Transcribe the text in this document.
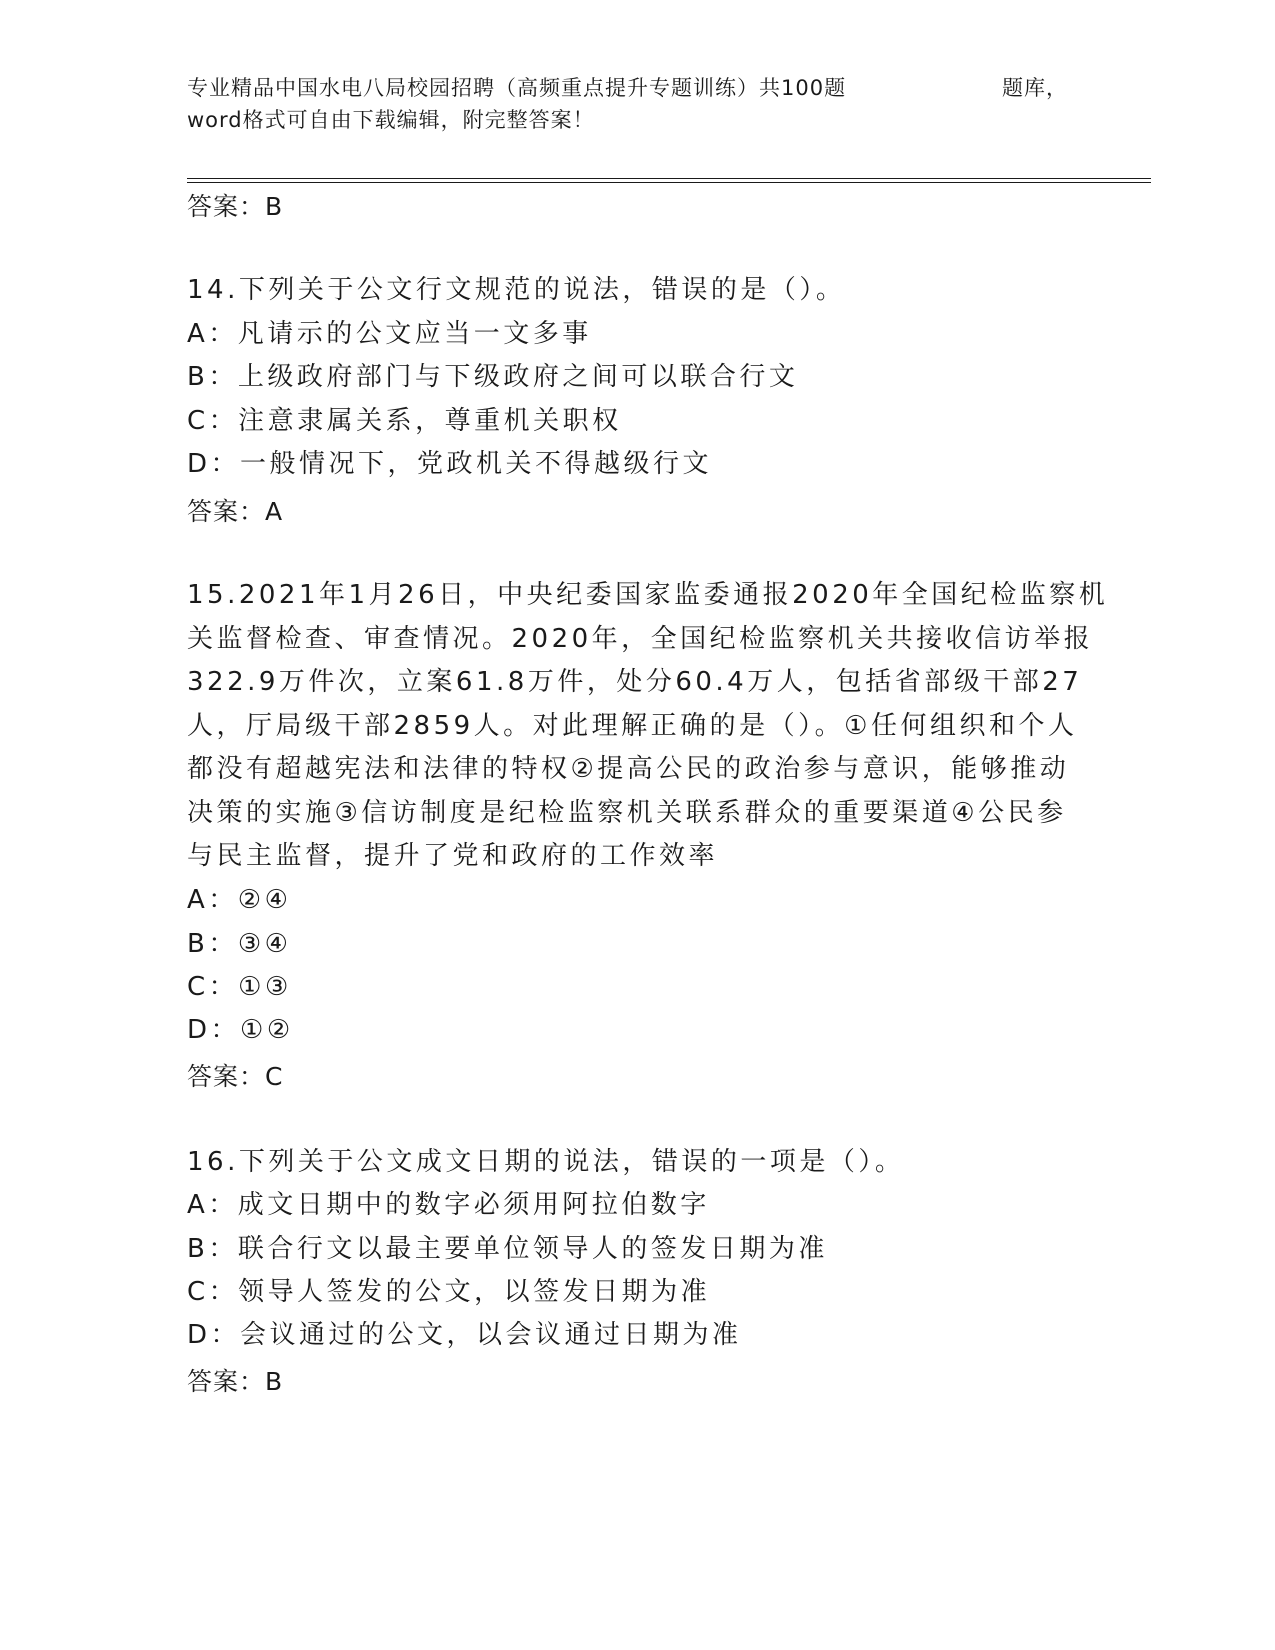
专业精品中国水电八局校园招聘（高频重点提升专题训练）共100题	题库，
word格式可自由下载编辑，附完整答案！
答案：B
14.下列关于公文行文规范的说法，错误的是（）。
A：凡请示的公文应当一文多事
B：上级政府部门与下级政府之间可以联合行文
C：注意隶属关系，尊重机关职权
D：一般情况下，党政机关不得越级行文
答案：A
15.2021年1月26日，中央纪委国家监委通报2020年全国纪检监察机
关监督检查、审查情况。2020年，全国纪检监察机关共接收信访举报
322.9万件次，立案61.8万件，处分60.4万人，包括省部级干部27
人，厅局级干部2859人。对此理解正确的是（）。①任何组织和个人
都没有超越宪法和法律的特权②提高公民的政治参与意识，能够推动
决策的实施③信访制度是纪检监察机关联系群众的重要渠道④公民参
与民主监督，提升了党和政府的工作效率
A：②④
B：③④
C：①③
D：①②
答案：C
16.下列关于公文成文日期的说法，错误的一项是（）。
A：成文日期中的数字必须用阿拉伯数字
B：联合行文以最主要单位领导人的签发日期为准
C：领导人签发的公文，以签发日期为准
D：会议通过的公文，以会议通过日期为准
答案：B
